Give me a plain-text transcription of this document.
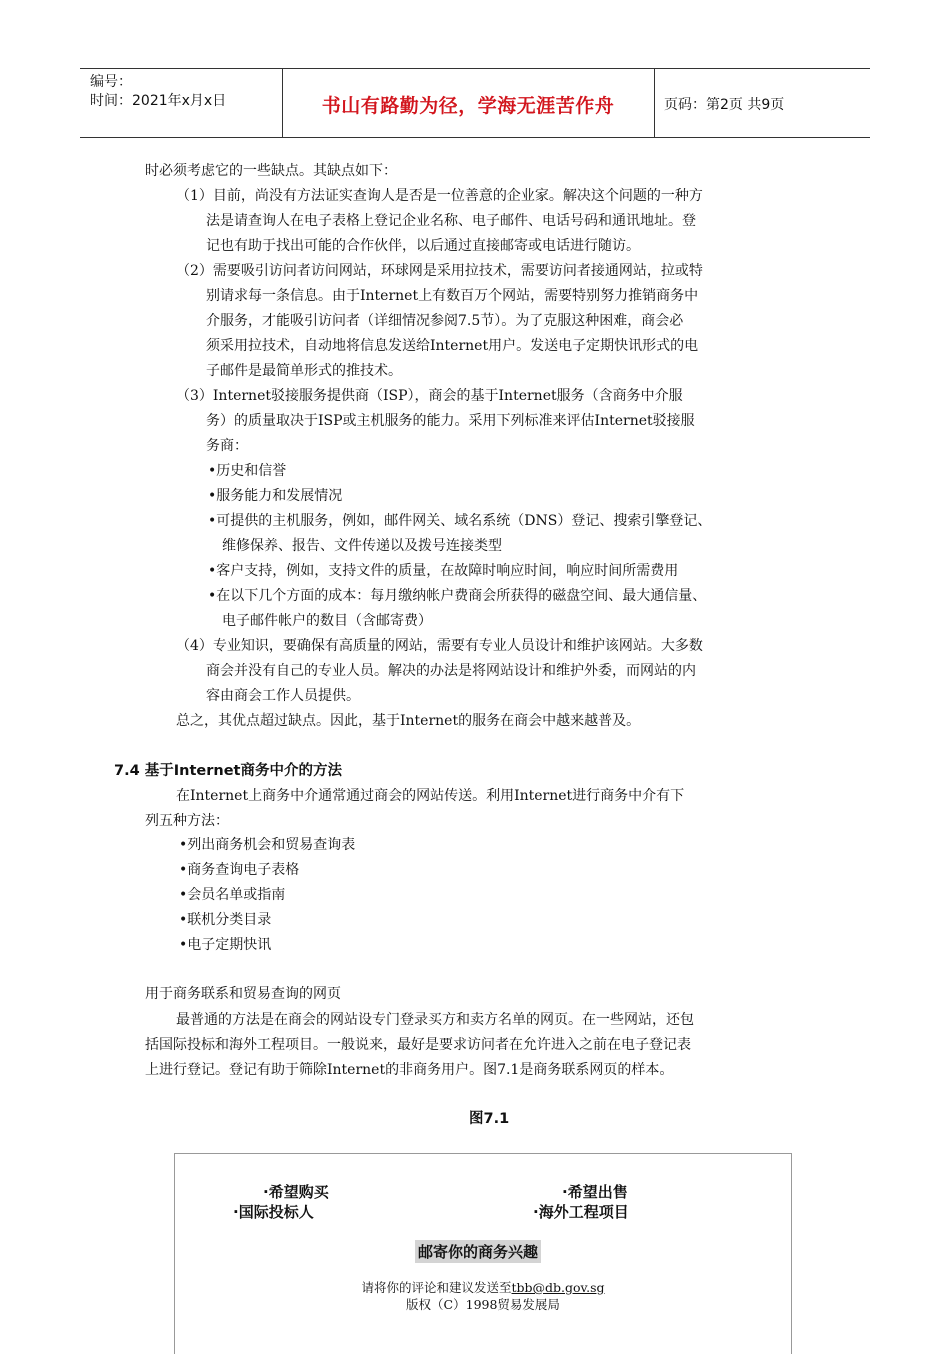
编号：
时间：2021年x月x日	书山有路勤为径，学海无涯苦作舟	页码：第2页 共9页
时必须考虑它的一些缺点。其缺点如下：
（1）目前，尚没有方法证实查询人是否是一位善意的企业家。解决这个问题的一种方
法是请查询人在电子表格上登记企业名称、电子邮件、电话号码和通讯地址。登
记也有助于找出可能的合作伙伴，以后通过直接邮寄或电话进行随访。
（2）需要吸引访问者访问网站，环球网是采用拉技术，需要访问者接通网站，拉或特
别请求每一条信息。由于Internet上有数百万个网站，需要特别努力推销商务中
介服务，才能吸引访问者（详细情况参阅7.5节）。为了克服这种困难，商会必
须采用拉技术，自动地将信息发送给Internet用户。发送电子定期快讯形式的电
子邮件是最简单形式的推技术。
（3）Internet驳接服务提供商（ISP），商会的基于Internet服务（含商务中介服
务）的质量取决于ISP或主机服务的能力。采用下列标准来评估Internet驳接服
务商：
•历史和信誉
•服务能力和发展情况
•可提供的主机服务，例如，邮件网关、域名系统（DNS）登记、搜索引擎登记、
维修保养、报告、文件传递以及拨号连接类型
•客户支持，例如，支持文件的质量，在故障时响应时间，响应时间所需费用
•在以下几个方面的成本：每月缴纳帐户费商会所获得的磁盘空间、最大通信量、
电子邮件帐户的数目（含邮寄费）
（4）专业知识，要确保有高质量的网站，需要有专业人员设计和维护该网站。大多数
商会并没有自己的专业人员。解决的办法是将网站设计和维护外委，而网站的内
容由商会工作人员提供。
总之，其优点超过缺点。因此，基于Internet的服务在商会中越来越普及。
7.4 基于Internet商务中介的方法
在Internet上商务中介通常通过商会的网站传送。利用Internet进行商务中介有下
列五种方法：
•列出商务机会和贸易查询表
•商务查询电子表格
•会员名单或指南
•联机分类目录
•电子定期快讯
用于商务联系和贸易查询的网页
最普通的方法是在商会的网站设专门登录买方和卖方名单的网页。在一些网站，还包
括国际投标和海外工程项目。一般说来，最好是要求访问者在允许进入之前在电子登记表
上进行登记。登记有助于筛除Internet的非商务用户。图7.1是商务联系网页的样本。
图7.1
·希望购买	·希望出售
·国际投标人	·海外工程项目
邮寄你的商务兴趣
请将你的评论和建议发送至tbb@db.gov.sg
版权（C）1998贸易发展局
